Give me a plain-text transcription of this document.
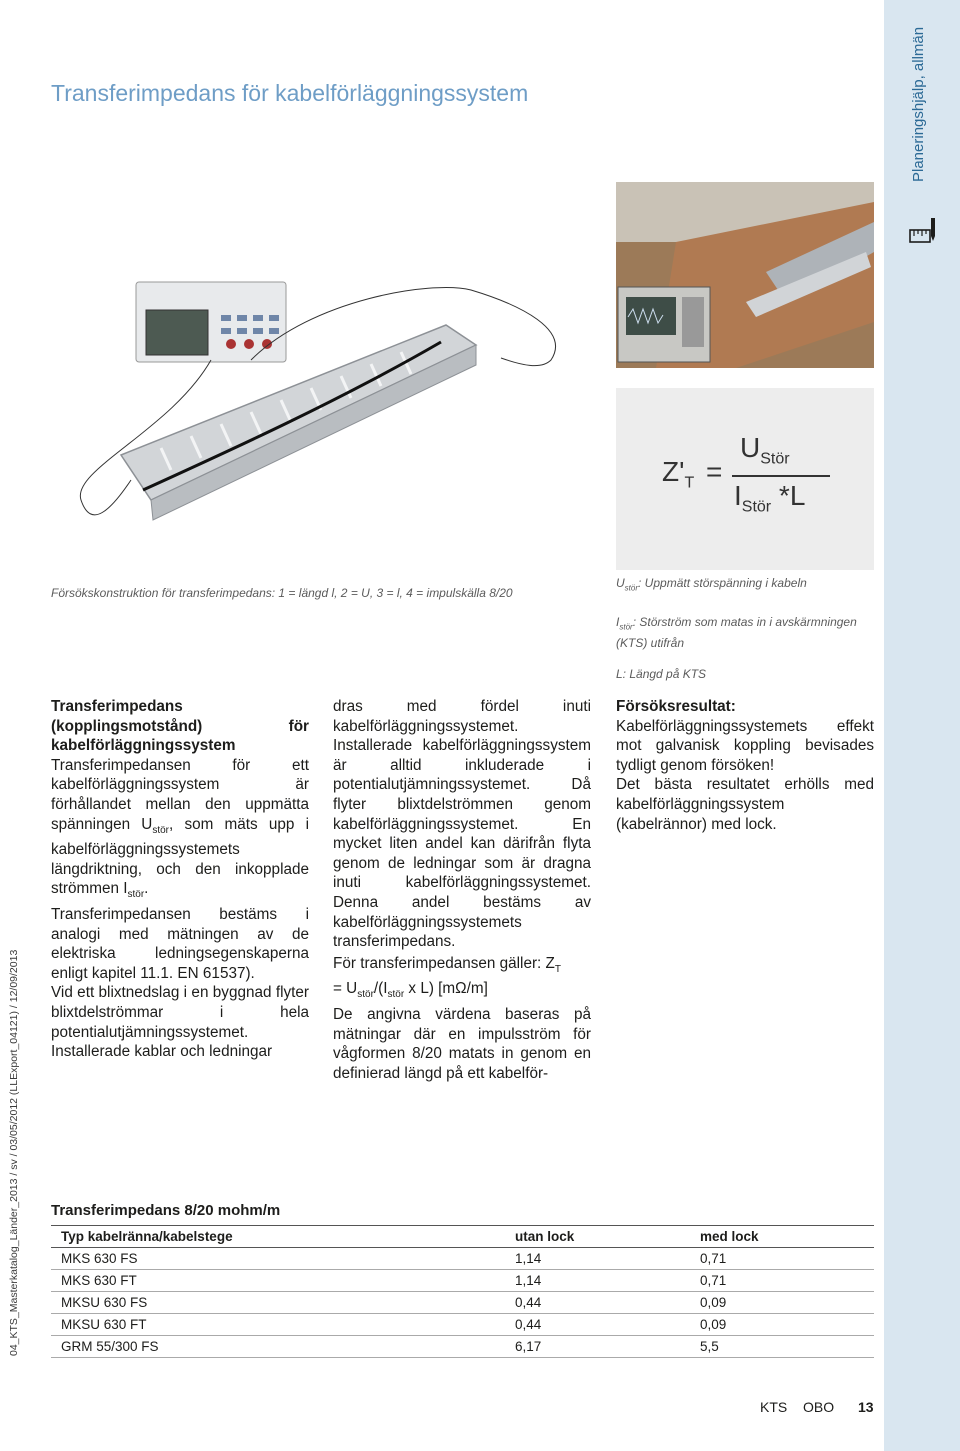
Planeringshjälp, allmän
Transferimpedans för kabelförläggningssystem
$Z'_T$ =
$U_{Stör}$
$I_{Stör}$ *L
Försökskonstruktion för transferimpedans: 1 = längd l, 2 = U, 3 = l, 4 = impulskälla 8/20
$U_{stör}$: Uppmätt störspänning i kabeln
$I_{stör}$: Störström som matas in i avskärmningen (KTS) utifrån
L: Längd på KTS

Transferimpedans (kopplingsmotstånd) för kabelförläggningssystem

Transferimpedansen för ett kabelförläggningssystem är förhållandet mellan den uppmätta spänningen $U_{stör}$, som mäts upp i kabelförläggningssystemets längdriktning, och den inkopplade strömmen $I_{stör}$.

Transferimpedansen bestäms i analogi med mätningen av de elektriska ledningsegenskaperna enligt kapitel 11.1. EN 61537).

Vid ett blixtnedslag i en byggnad flyter blixtdelströmmar i hela potentialutjämningssystemet.

Installerade kablar och ledningar

dras med fördel inuti kabelförläggningssystemet. Installerade kabelförläggningssystem är alltid inkluderade i potentialutjämningssystemet. Då flyter blixtdelströmmen genom kabelförläggningssystemet. En mycket liten andel kan därifrån flyta genom de ledningar som är dragna inuti kabelförläggningssystemet. Denna andel bestäms av kabelförläggningssystemets transferimpedans.

För transferimpedansen gäller: $Z_T$

= $U_{stör}/(I_{stör}$ x L) [mΩ/m]

De angivna värdena baseras på mätningar där en impulsström för vågformen 8/20 matats in genom en definierad längd på ett kabelför-

Försöksresultat:

Kabelförläggningssystemets effekt mot galvanisk koppling bevisades tydligt genom försöken!

Det bästa resultatet erhölls med kabelförläggningssystem (kabelrännor) med lock.

Transferimpedans 8/20 mohm/m
Typ kabelränna/kabelstege	utan lock	med lock
MKS 630 FS	1,14	0,71
MKS 630 FT	1,14	0,71
MKSU 630 FS	0,44	0,09
MKSU 630 FT	0,44	0,09
GRM 55/300 FS	6,17	5,5
04_KTS_Masterkatalog_Länder_2013 / sv / 03/05/2012 (LLExport_04121) / 12/09/2013
KTS OBO 13
